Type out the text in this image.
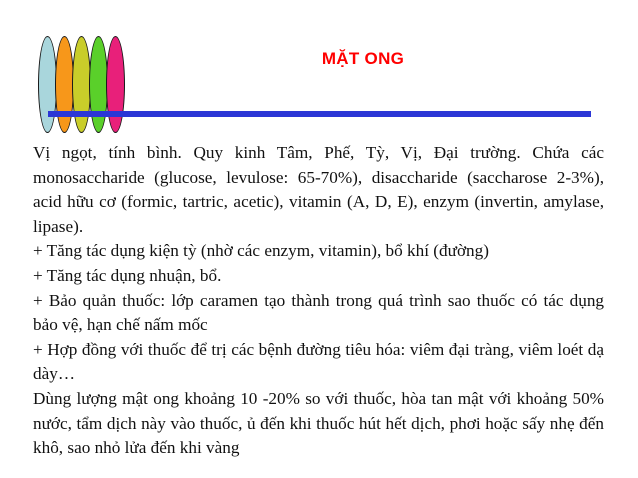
MẶT ONG

Vị ngọt, tính bình. Quy kinh Tâm, Phế, Tỳ, Vị, Đại trường. Chứa các monosaccharide (glucose, levulose: 65-70%), disaccharide (saccharose 2-3%), acid hữu cơ (formic, tartric, acetic), vitamin (A, D, E), enzym (invertin, amylase, lipase).

+ Tăng tác dụng kiện tỳ (nhờ các enzym, vitamin), bổ khí (đường)

+ Tăng tác dụng nhuận, bổ.

+ Bảo quản thuốc: lớp caramen tạo thành trong quá trình sao thuốc có tác dụng bảo vệ, hạn chế nấm mốc

+ Hợp đồng với thuốc để trị các bệnh đường tiêu hóa: viêm đại tràng, viêm loét dạ dày…

Dùng lượng mật ong khoảng 10 -20% so với thuốc, hòa tan mật với khoảng 50% nước, tẩm dịch này vào thuốc, ủ đến khi thuốc hút hết dịch, phơi hoặc sấy nhẹ đến khô, sao nhỏ lửa đến khi vàng
